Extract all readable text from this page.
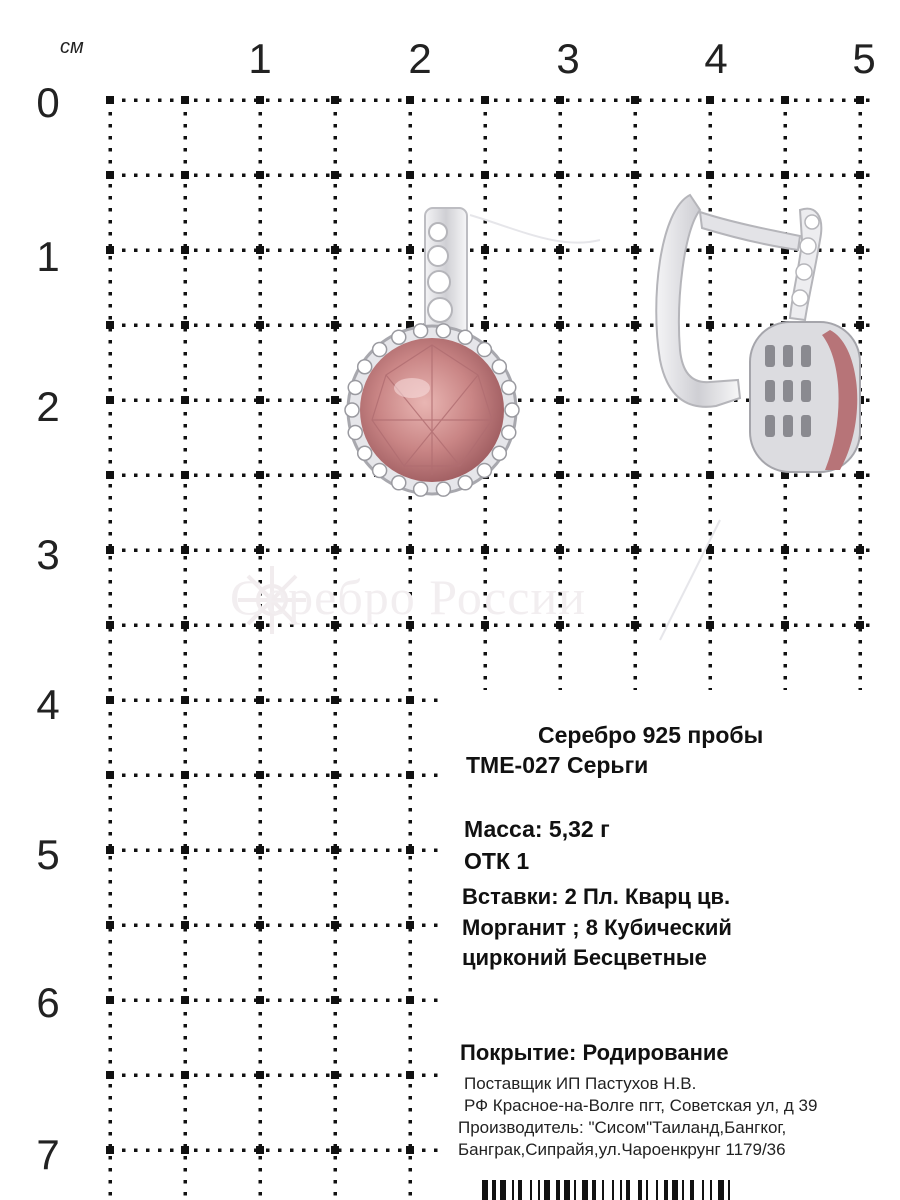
см	1	2	3	4	5
0
1
2
3
4
5
6
7
Серебро России
Серебро 925 пробы
TME-027 Серьги
Масса: 5,32 г
ОТК 1
Вставки: 2 Пл. Кварц цв.
Морганит ; 8 Кубический
цирконий Бесцветные
Покрытие: Родирование
Поставщик ИП Пастухов Н.В.
РФ Красное-на-Волге пгт, Советская ул, д 39
Производитель: "Сисом"Таиланд,Бангког,
Банграк,Сипрайя,ул.Чароенкрунг 1179/36
